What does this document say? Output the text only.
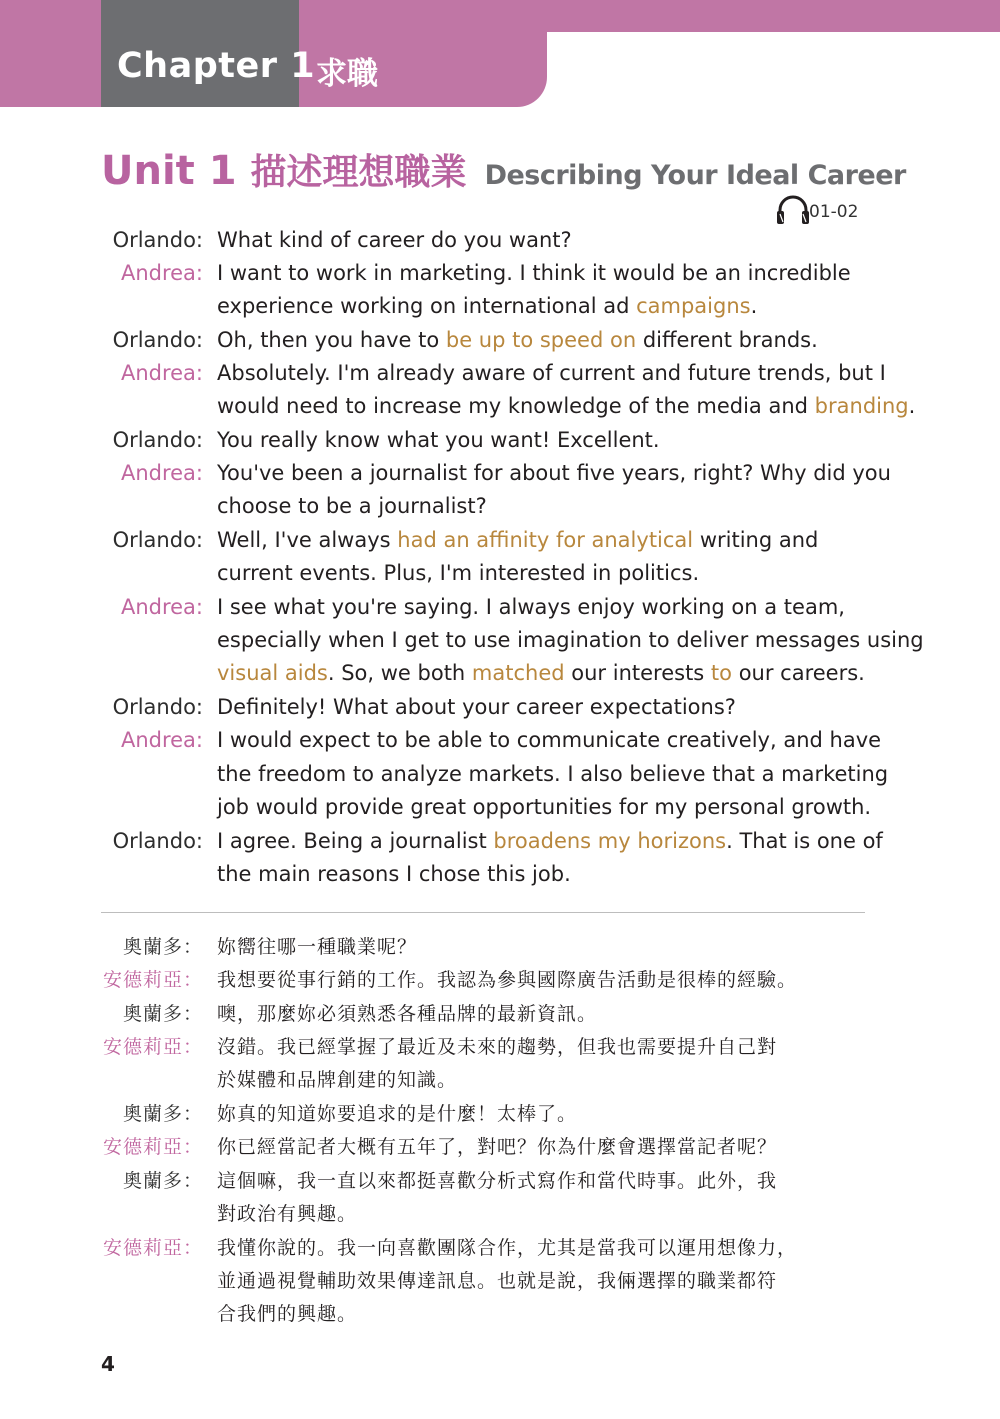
Chapter 1 求職
Unit 1 描述理想職業 Describing Your Ideal Career
01-02
Orlando: What kind of career do you want?
Andrea: I want to work in marketing. I think it would be an incredible
experience working on international ad campaigns.
Orlando: Oh, then you have to be up to speed on different brands.
Andrea: Absolutely. I'm already aware of current and future trends, but I
would need to increase my knowledge of the media and branding.
Orlando: You really know what you want! Excellent.
Andrea: You've been a journalist for about five years, right? Why did you
choose to be a journalist?
Orlando: Well, I've always had an affinity for analytical writing and
current events. Plus, I'm interested in politics.
Andrea: I see what you're saying. I always enjoy working on a team,
especially when I get to use imagination to deliver messages using
visual aids. So, we both matched our interests to our careers.
Orlando: Definitely! What about your career expectations?
Andrea: I would expect to be able to communicate creatively, and have
the freedom to analyze markets. I also believe that a marketing
job would provide great opportunities for my personal growth.
Orlando: I agree. Being a journalist broadens my horizons. That is one of
the main reasons I chose this job.
奧蘭多： 妳嚮往哪一種職業呢？
安德莉亞： 我想要從事行銷的工作。我認為參與國際廣告活動是很棒的經驗。
奧蘭多： 噢，那麼妳必須熟悉各種品牌的最新資訊。
安德莉亞： 沒錯。我已經掌握了最近及未來的趨勢，但我也需要提升自己對
於媒體和品牌創建的知識。
奧蘭多： 妳真的知道妳要追求的是什麼！太棒了。
安德莉亞： 你已經當記者大概有五年了，對吧？你為什麼會選擇當記者呢？
奧蘭多： 這個嘛，我一直以來都挺喜歡分析式寫作和當代時事。此外，我
對政治有興趣。
安德莉亞： 我懂你說的。我一向喜歡團隊合作，尤其是當我可以運用想像力，
並通過視覺輔助效果傳達訊息。也就是說，我倆選擇的職業都符
合我們的興趣。
4
